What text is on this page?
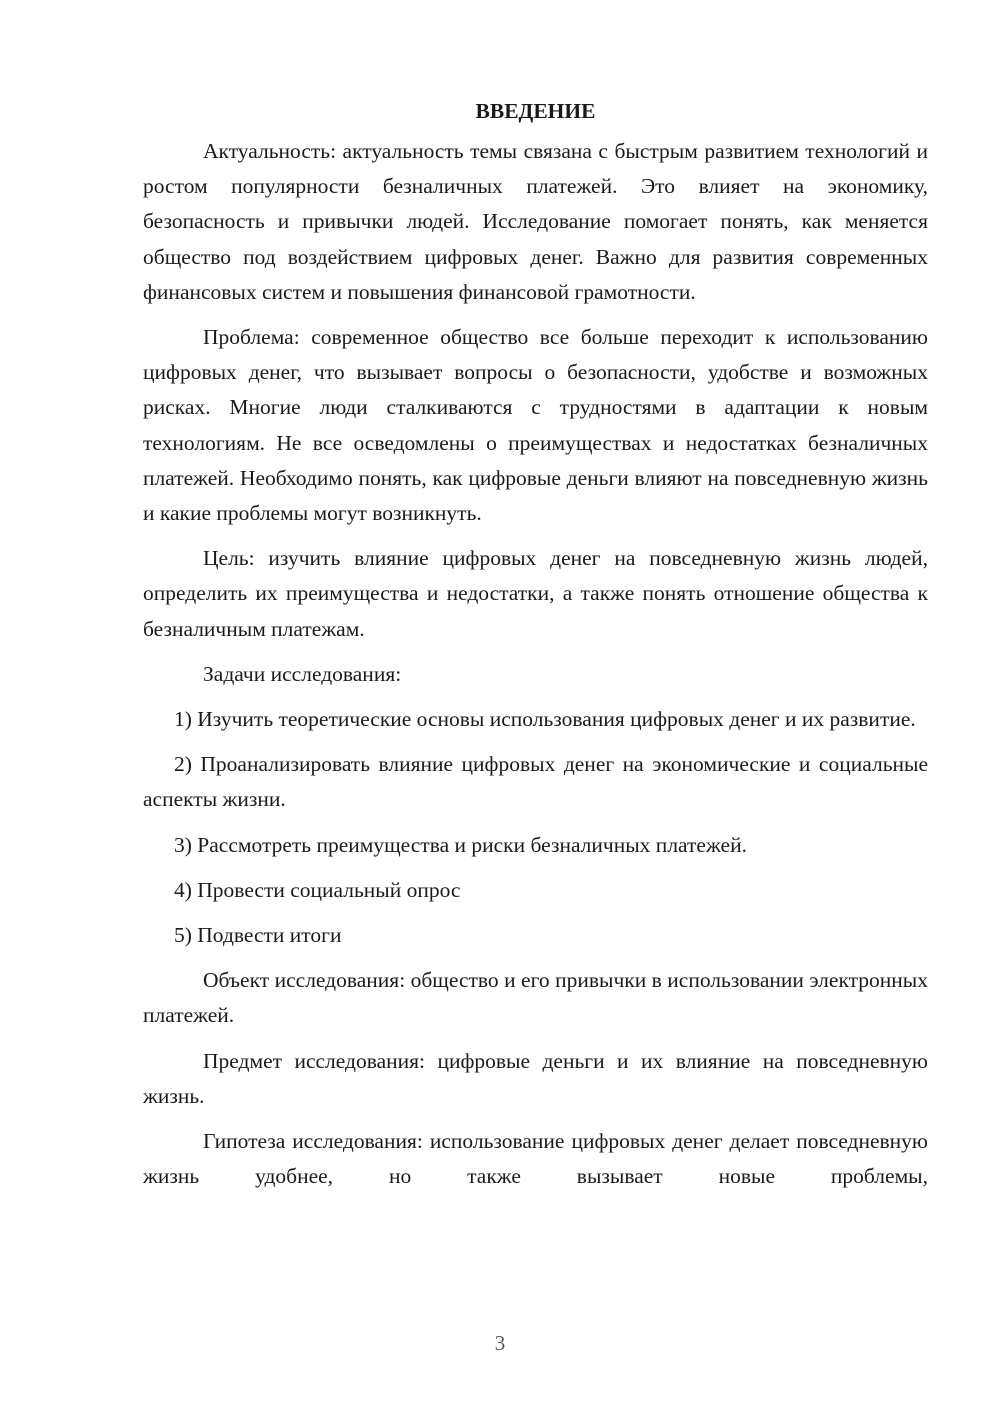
ВВЕДЕНИЕ

Актуальность: актуальность темы связана с быстрым развитием технологий и ростом популярности безналичных платежей. Это влияет на экономику, безопасность и привычки людей. Исследование помогает понять, как меняется общество под воздействием цифровых денег. Важно для развития современных финансовых систем и повышения финансовой грамотности.

Проблема: современное общество все больше переходит к использованию цифровых денег, что вызывает вопросы о безопасности, удобстве и возможных рисках. Многие люди сталкиваются с трудностями в адаптации к новым технологиям. Не все осведомлены о преимуществах и недостатках безналичных платежей. Необходимо понять, как цифровые деньги влияют на повседневную жизнь и какие проблемы могут возникнуть.

Цель: изучить влияние цифровых денег на повседневную жизнь людей, определить их преимущества и недостатки, а также понять отношение общества к безналичным платежам.

Задачи исследования:

1) Изучить теоретические основы использования цифровых денег и их развитие.

2) Проанализировать влияние цифровых денег на экономические и социальные аспекты жизни.

3) Рассмотреть преимущества и риски безналичных платежей.

4) Провести социальный опрос

5) Подвести итоги

Объект исследования: общество и его привычки в использовании электронных платежей.

Предмет исследования: цифровые деньги и их влияние на повседневную жизнь.

Гипотеза исследования: использование цифровых денег делает повседневную жизнь удобнее, но также вызывает новые проблемы,

3
